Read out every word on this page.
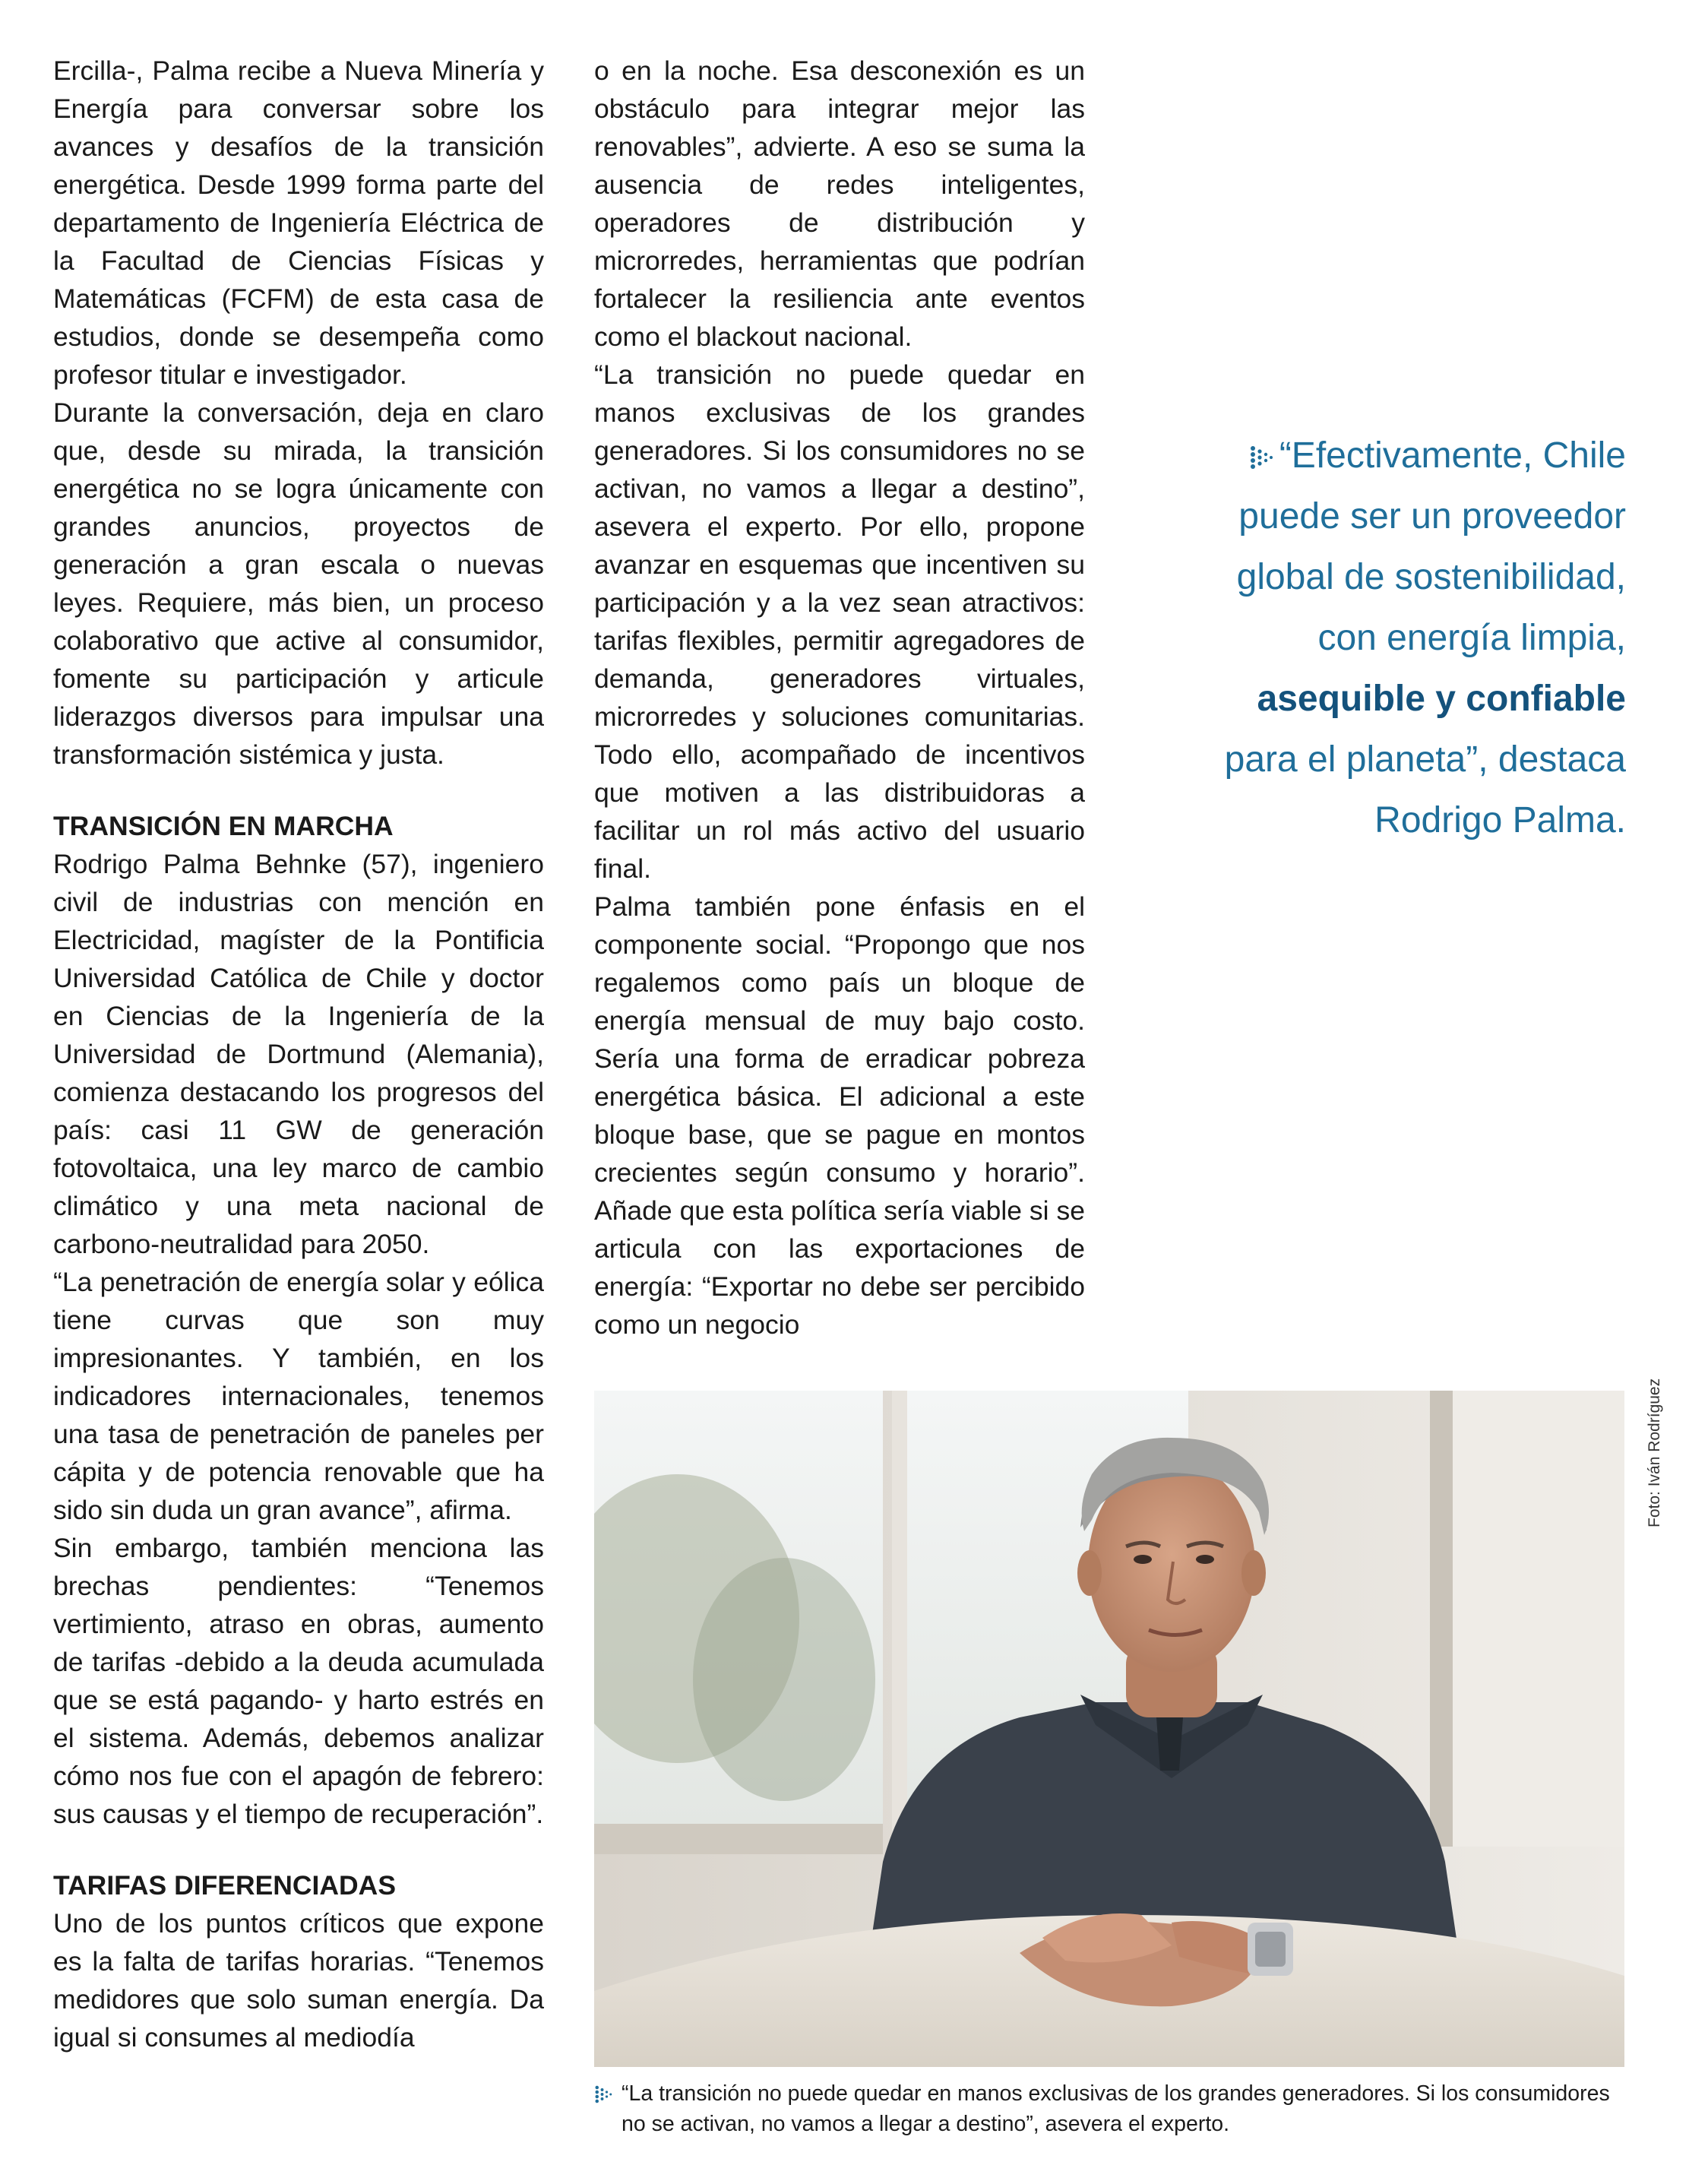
Ercilla-, Palma recibe a Nueva Minería y Energía para conversar sobre los avances y desafíos de la transición energética. Desde 1999 forma parte del departamento de Ingeniería Eléctrica de la Facultad de Ciencias Físicas y Matemáticas (FCFM) de esta casa de estudios, donde se desempeña como profesor titular e investigador.

Durante la conversación, deja en claro que, desde su mirada, la transición energética no se logra únicamente con grandes anuncios, proyectos de generación a gran escala o nuevas leyes. Requiere, más bien, un proceso colaborativo que active al consumidor, fomente su participación y articule liderazgos diversos para impulsar una transformación sistémica y justa.

TRANSICIÓN EN MARCHA

Rodrigo Palma Behnke (57), ingeniero civil de industrias con mención en Electricidad, magíster de la Pontificia Universidad Católica de Chile y doctor en Ciencias de la Ingeniería de la Universidad de Dortmund (Alemania), comienza destacando los progresos del país: casi 11 GW de generación fotovoltaica, una ley marco de cambio climático y una meta nacional de carbono-neutralidad para 2050.

“La penetración de energía solar y eólica tiene curvas que son muy impresionantes. Y también, en los indicadores internacionales, tenemos una tasa de penetración de paneles per cápita y de potencia renovable que ha sido sin duda un gran avance”, afirma.

Sin embargo, también menciona las brechas pendientes: “Tenemos vertimiento, atraso en obras, aumento de tarifas -debido a la deuda acumulada que se está pagando- y harto estrés en el sistema. Además, debemos analizar cómo nos fue con el apagón de febrero: sus causas y el tiempo de recuperación”.

TARIFAS DIFERENCIADAS

Uno de los puntos críticos que expone es la falta de tarifas horarias. “Tenemos medidores que solo suman energía. Da igual si consumes al mediodía

o en la noche. Esa desconexión es un obstáculo para integrar mejor las renovables”, advierte. A eso se suma la ausencia de redes inteligentes, operadores de distribución y microrredes, herramientas que podrían fortalecer la resiliencia ante eventos como el blackout nacional.

“La transición no puede quedar en manos exclusivas de los grandes generadores. Si los consumidores no se activan, no vamos a llegar a destino”, asevera el experto. Por ello, propone avanzar en esquemas que incentiven su participación y a la vez sean atractivos: tarifas flexibles, permitir agregadores de demanda, generadores virtuales, microrredes y soluciones comunitarias. Todo ello, acompañado de incentivos que motiven a las distribuidoras a facilitar un rol más activo del usuario final.

Palma también pone énfasis en el componente social. “Propongo que nos regalemos como país un bloque de energía mensual de muy bajo costo. Sería una forma de erradicar pobreza energética básica. El adicional a este bloque base, que se pague en montos crecientes según consumo y horario”. Añade que esta política sería viable si se articula con las exportaciones de energía: “Exportar no debe ser percibido como un negocio

“Efectivamente, Chile puede ser un proveedor global de sostenibilidad, con energía limpia, asequible y confiable para el planeta”, destaca Rodrigo Palma.
Foto: Iván Rodríguez
“La transición no puede quedar en manos exclusivas de los grandes generadores. Si los consumidores no se activan, no vamos a llegar a destino”, asevera el experto.
